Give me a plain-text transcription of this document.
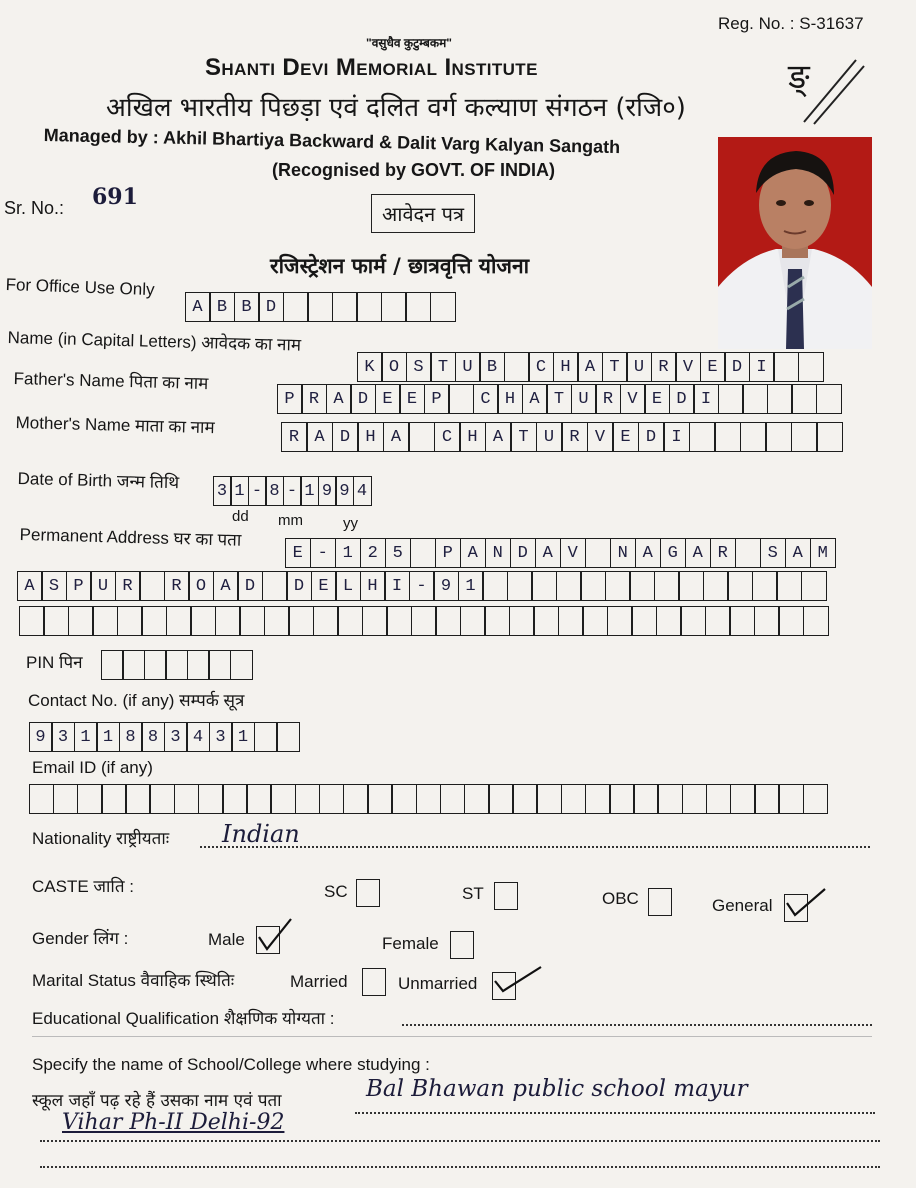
Reg. No. : S-31637
ङ्
"वसुधैव कुटुम्बकम"
Shanti Devi Memorial Institute
अखिल भारतीय पिछड़ा एवं दलित वर्ग कल्याण संगठन (रजि०)
Managed by : Akhil Bhartiya Backward & Dalit Varg Kalyan Sangath
(Recognised by GOVT. OF INDIA)
Sr. No.: 691
आवेदन पत्र
रजिस्ट्रेशन फार्म / छात्रवृत्ति योजना
For Office Use Only
A B B D
Name (in Capital Letters) आवेदक का नाम
K O S T U B	C H A T U R V E D I
Father's Name पिता का नाम
P R A D E E P	C H A T U R V E D I
Mother's Name माता का नाम	R A D H A	C H A T U R V E D I
Date of Birth जन्म तिथि 3 1 - 8 - 1 9 9 4
dd mm	yy
Permanent Address घर का पता
E - 1 2 5	P A N D A V	N A G A R	S A M
A S P U R	R O A D	D E L H I - 9 1
PIN पिन
Contact No. (if any) सम्पर्क सूत्र
9 3 1 1 8 8 3 4 3 1
Email ID (if any)
Nationality राष्ट्रीयताः Indian
CASTE जाति :	SC	ST	OBC	General
Gender लिंग :	Male	Female
Marital Status वैवाहिक स्थितिः	Married	Unmarried
Educational Qualification शैक्षणिक योग्यता :
Specify the name of School/College where studying :
स्कूल जहाँ पढ़ रहे हैं उसका नाम एवं पता	Bal Bhawan public school mayur
Vihar Ph-II Delhi-92
